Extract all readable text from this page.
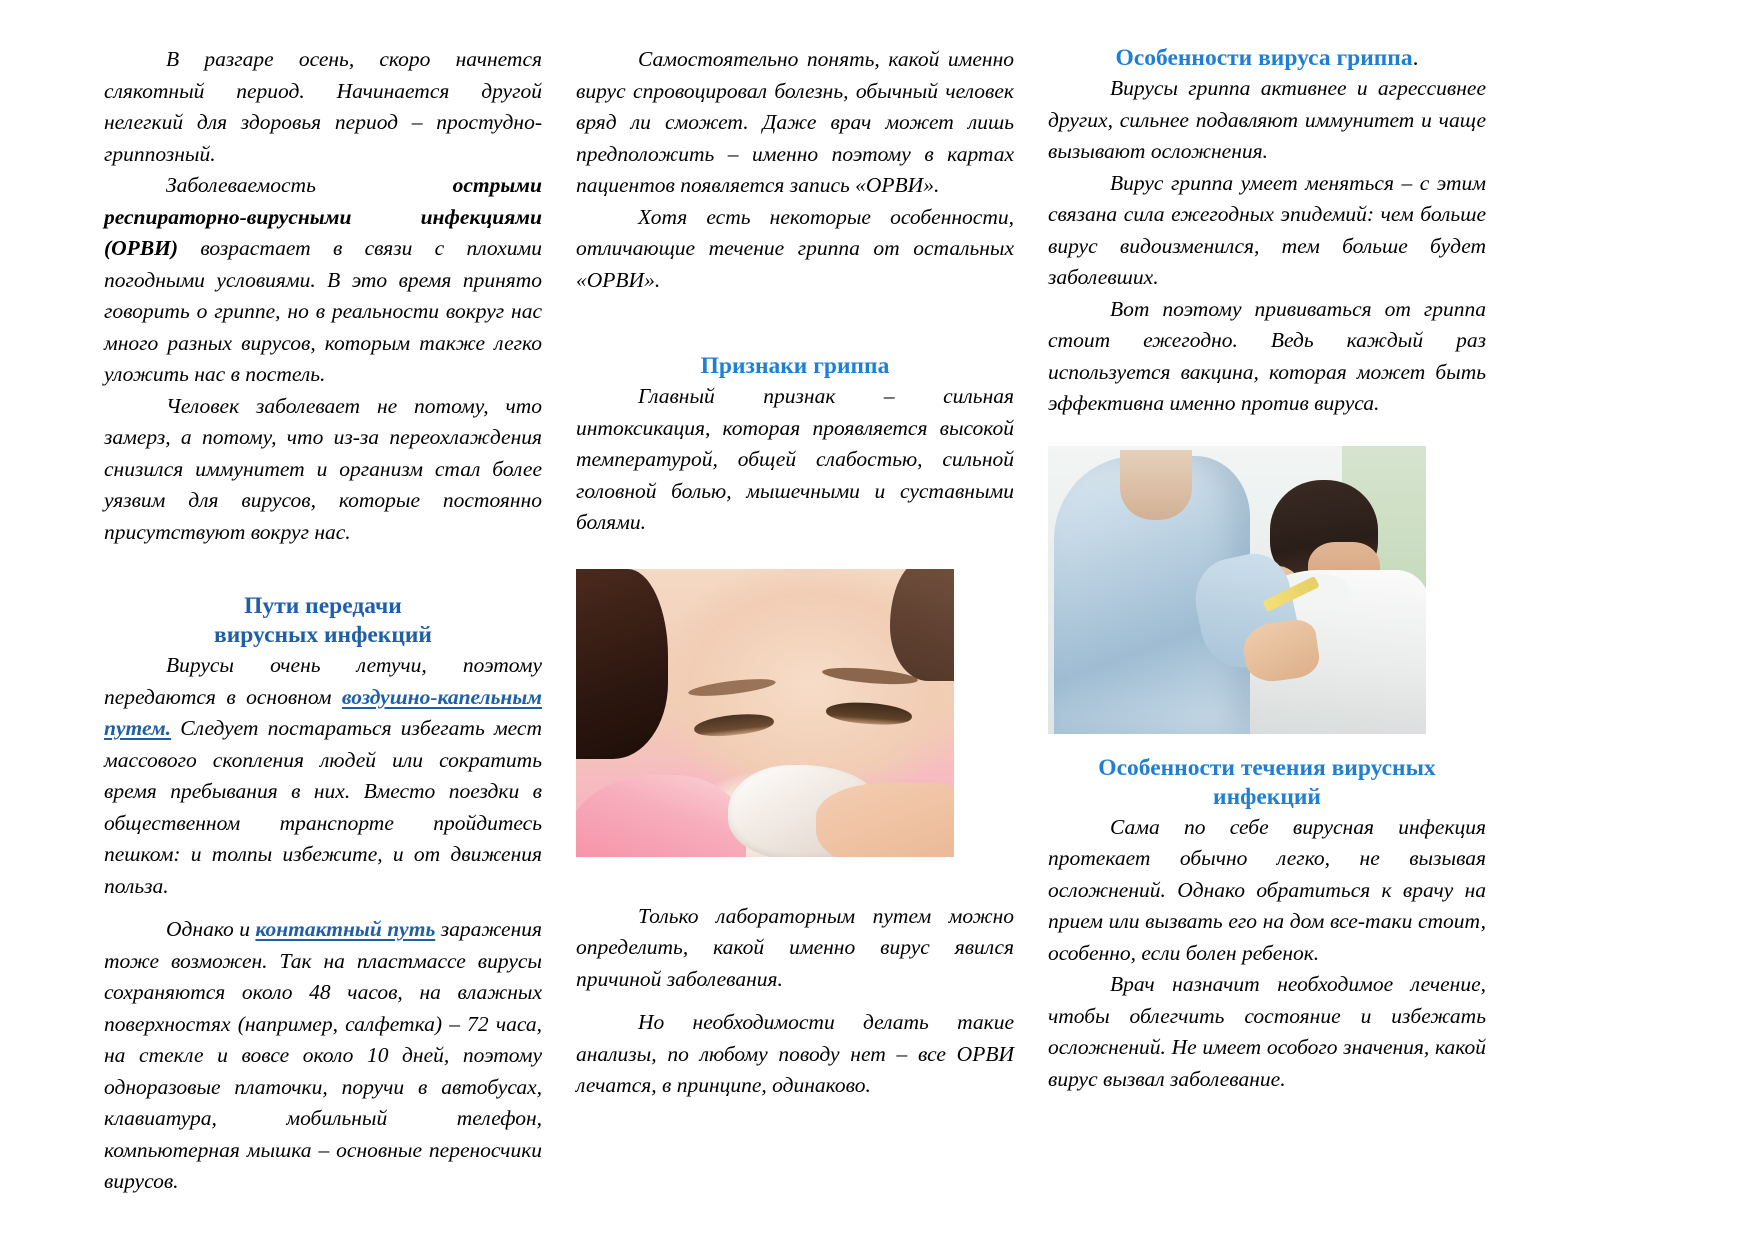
В разгаре осень, скоро начнется слякотный период. Начинается другой нелегкий для здоровья период – простудно-гриппозный.

Заболеваемость острыми респираторно-вирусными инфекциями (ОРВИ) возрастает в связи с плохими погодными условиями. В это время принято говорить о гриппе, но в реальности вокруг нас много разных вирусов, которым также легко уложить нас в постель.

Человек заболевает не потому, что замерз, а потому, что из-за переохлаждения снизился иммунитет и организм стал более уязвим для вирусов, которые постоянно присутствуют вокруг нас.

Пути передачи
вирусных инфекций

Вирусы очень летучи, поэтому передаются в основном воздушно-капельным путем. Следует постараться избегать мест массового скопления людей или сократить время пребывания в них. Вместо поездки в общественном транспорте пройдитесь пешком: и толпы избежите, и от движения польза.

Однако и контактный путь заражения тоже возможен. Так на пластмассе вирусы сохраняются около 48 часов, на влажных поверхностях (например, салфетка) – 72 часа, на стекле и вовсе около 10 дней, поэтому одноразовые платочки, поручи в автобусах, клавиатура, мобильный телефон, компьютерная мышка – основные переносчики вирусов.

Самостоятельно понять, какой именно вирус спровоцировал болезнь, обычный человек вряд ли сможет. Даже врач может лишь предположить – именно поэтому в картах пациентов появляется запись «ОРВИ».

Хотя есть некоторые особенности, отличающие течение гриппа от остальных «ОРВИ».

Признаки гриппа

Главный признак – сильная интоксикация, которая проявляется высокой температурой, общей слабостью, сильной головной болью, мышечными и суставными болями.

Только лабораторным путем можно определить, какой именно вирус явился причиной заболевания.

Но необходимости делать такие анализы, по любому поводу нет – все ОРВИ лечатся, в принципе, одинаково.

Особенности вируса гриппа.

Вирусы гриппа активнее и агрессивнее других, сильнее подавляют иммунитет и чаще вызывают осложнения.

Вирус гриппа умеет меняться – с этим связана сила ежегодных эпидемий: чем больше вирус видоизменился, тем больше будет заболевших.

Вот поэтому прививаться от гриппа стоит ежегодно. Ведь каждый раз используется вакцина, которая может быть эффективна именно против вируса.

Особенности течения вирусных
инфекций

Сама по себе вирусная инфекция протекает обычно легко, не вызывая осложнений. Однако обратиться к врачу на прием или вызвать его на дом все-таки стоит, особенно, если болен ребенок.

Врач назначит необходимое лечение, чтобы облегчить состояние и избежать осложнений. Не имеет особого значения, какой вирус вызвал заболевание.
